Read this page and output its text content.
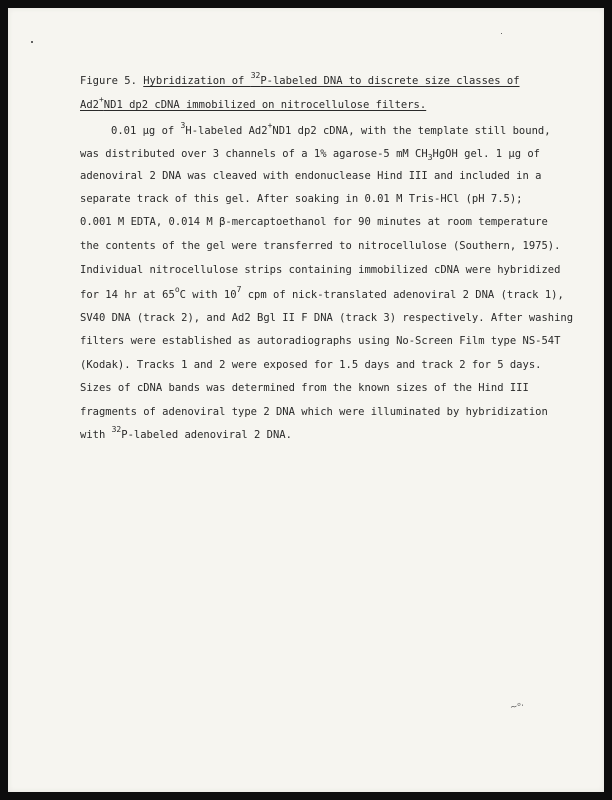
Figure 5. Hybridization of $^{32}$P-labeled DNA to discrete size classes of
Ad2+ND1 dp2 cDNA immobilized on nitrocellulose filters.
0.01 μg of $^3$H-labeled Ad2+ND1 dp2 cDNA, with the template still bound,
was distributed over 3 channels of a 1% agarose-5 mM $CH_3HgOH$ gel. 1 μg of
adenoviral 2 DNA was cleaved with endonuclease Hind III and included in a
separate track of this gel. After soaking in 0.01 M Tris-HCl (pH 7.5);
0.001 M EDTA, 0.014 M β-mercaptoethanol for 90 minutes at room temperature
the contents of the gel were transferred to nitrocellulose (Southern, 1975).
Individual nitrocellulose strips containing immobilized cDNA were hybridized
for 14 hr at 65$^o$C with $10^7$ cpm of nick-translated adenoviral 2 DNA (track 1),
SV40 DNA (track 2), and Ad2 Bgl II F DNA (track 3) respectively. After washing
filters were established as autoradiographs using No-Screen Film type NS-54T
(Kodak). Tracks 1 and 2 were exposed for 1.5 days and track 2 for 5 days.
Sizes of cDNA bands was determined from the known sizes of the Hind III
fragments of adenoviral type 2 DNA which were illuminated by hybridization
with $^{32}$P-labeled adenoviral 2 DNA.
~ᵒ·
